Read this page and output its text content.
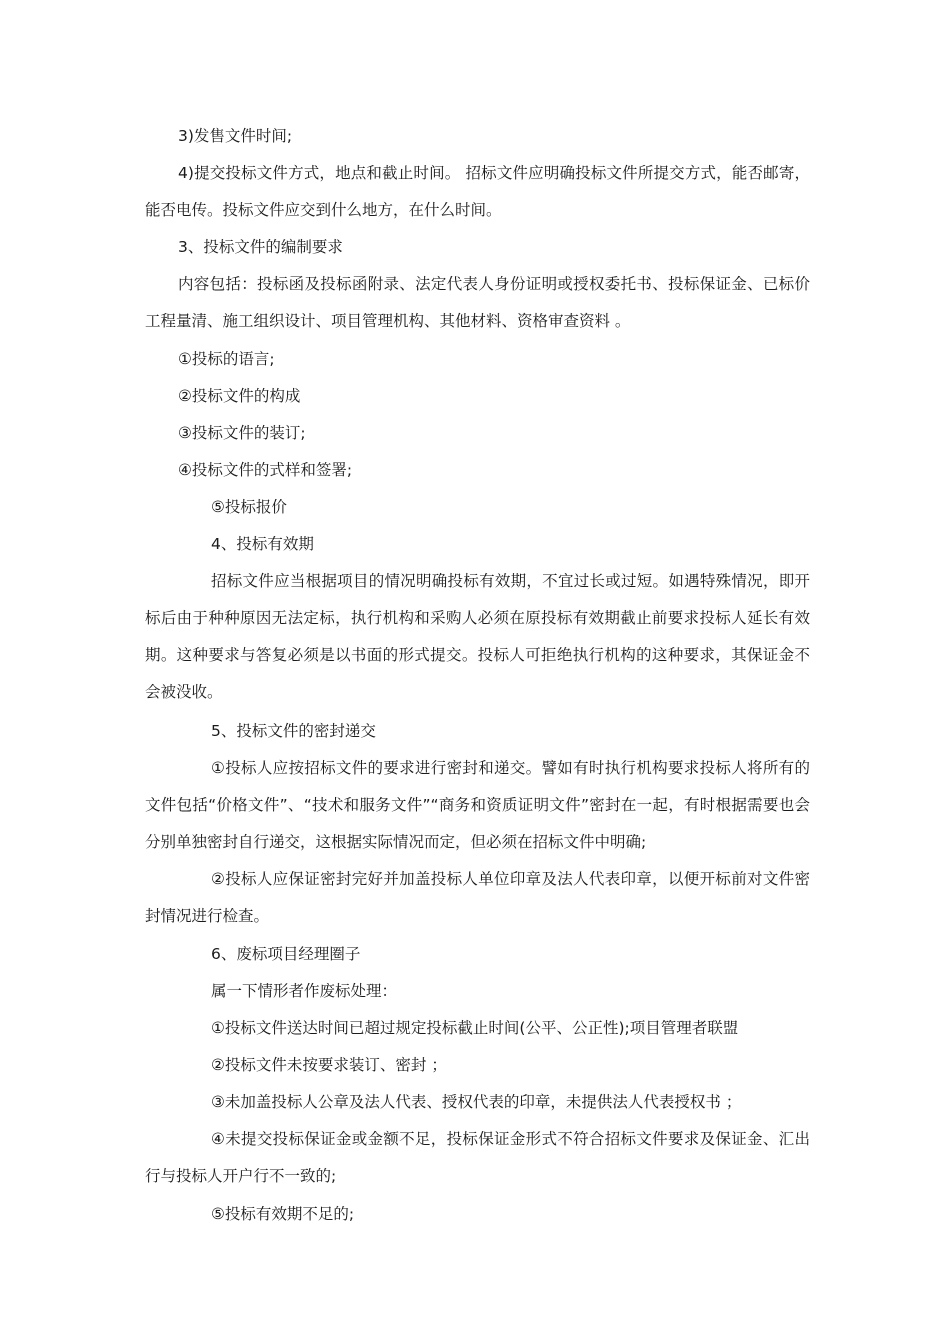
3)发售文件时间;

4)提交投标文件方式，地点和截止时间。 招标文件应明确投标文件所提交方式，能否邮寄，能否电传。投标文件应交到什么地方，在什么时间。

3、投标文件的编制要求

内容包括：投标函及投标函附录、法定代表人身份证明或授权委托书、投标保证金、已标价工程量清、施工组织设计、项目管理机构、其他材料、资格审查资料 。

①投标的语言;

②投标文件的构成

③投标文件的装订;

④投标文件的式样和签署;

⑤投标报价

4、投标有效期

招标文件应当根据项目的情况明确投标有效期，不宜过长或过短。如遇特殊情况，即开标后由于种种原因无法定标，执行机构和采购人必须在原投标有效期截止前要求投标人延长有效期。这种要求与答复必须是以书面的形式提交。投标人可拒绝执行机构的这种要求，其保证金不会被没收。

5、投标文件的密封递交

①投标人应按招标文件的要求进行密封和递交。譬如有时执行机构要求投标人将所有的文件包括“价格文件”、“技术和服务文件”“商务和资质证明文件”密封在一起，有时根据需要也会分别单独密封自行递交，这根据实际情况而定，但必须在招标文件中明确;

②投标人应保证密封完好并加盖投标人单位印章及法人代表印章，以便开标前对文件密封情况进行检查。

6、废标项目经理圈子

属一下情形者作废标处理：

①投标文件送达时间已超过规定投标截止时间(公平、公正性);项目管理者联盟

②投标文件未按要求装订、密封 ；

③未加盖投标人公章及法人代表、授权代表的印章，未提供法人代表授权书 ；

④未提交投标保证金或金额不足，投标保证金形式不符合招标文件要求及保证金、汇出行与投标人开户行不一致的;

⑤投标有效期不足的;
